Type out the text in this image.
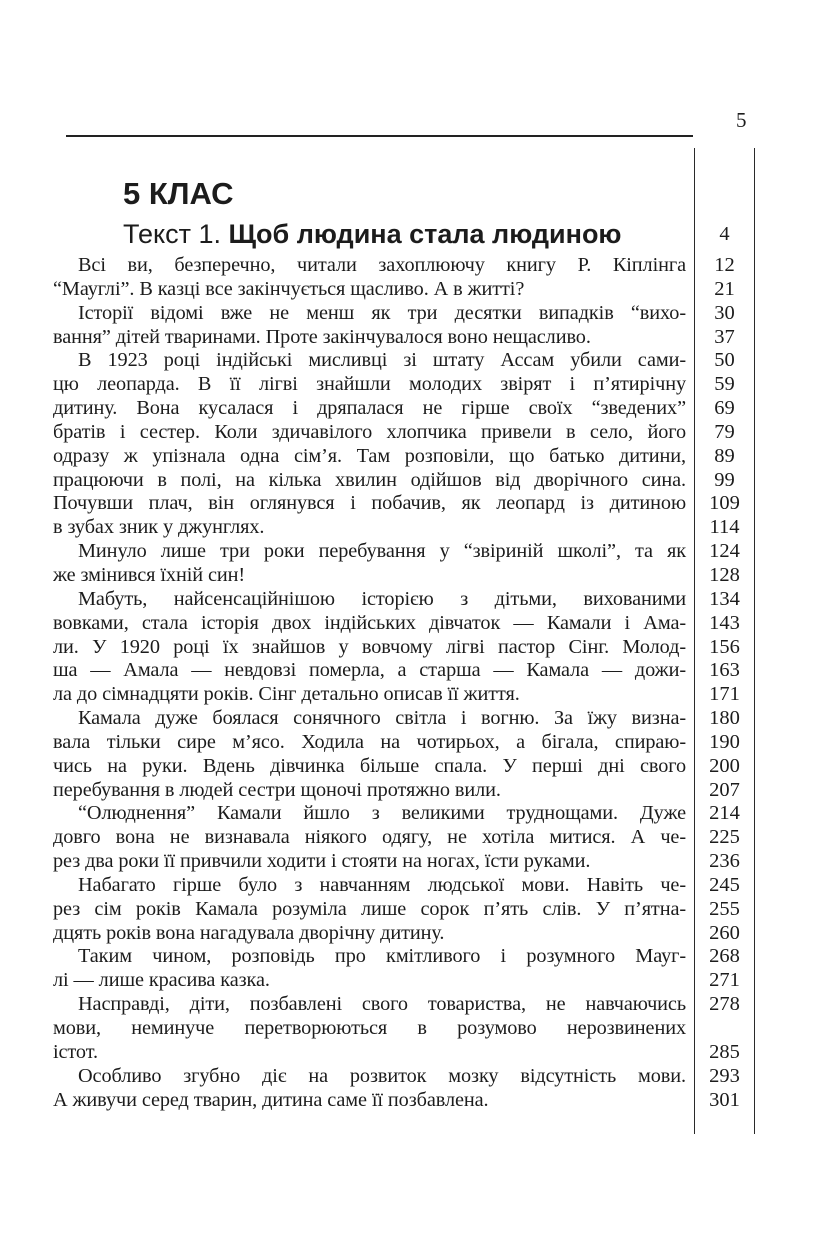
5
5 КЛАС
Текст 1. Щоб людина стала людиною	4
Всі ви, безперечно, читали захоплюючу книгу Р. Кіплінга	12
“Мауглі”. В казці все закінчується щасливо. А в житті?	21
Історії відомі вже не менш як три десятки випадків “вихо-	30
вання” дітей тваринами. Проте закінчувалося воно нещасливо.	37
В 1923 році індійські мисливці зі штату Ассам убили сами-	50
цю леопарда. В її лігві знайшли молодих звірят і п’ятирічну	59
дитину. Вона кусалася і дряпалася не гірше своїх “зведених”	69
братів і сестер. Коли здичавілого хлопчика привели в село, його	79
одразу ж упізнала одна сім’я. Там розповіли, що батько дитини,	89
працюючи в полі, на кілька хвилин одійшов від дворічного сина.	99
Почувши плач, він оглянувся і побачив, як леопард із дитиною	109
в зубах зник у джунглях.	114
Минуло лише три роки перебування у “звіриній школі”, та як	124
же змінився їхній син!	128
Мабуть, найсенсаційнішою історією з дітьми, вихованими	134
вовками, стала історія двох індійських дівчаток — Камали і Ама-	143
ли. У 1920 році їх знайшов у вовчому лігві пастор Сінг. Молод-	156
ша — Амала — невдовзі померла, а старша — Камала — дожи-	163
ла до сімнадцяти років. Сінг детально описав її життя.	171
Камала дуже боялася сонячного світла і вогню. За їжу визна-	180
вала тільки сире м’ясо. Ходила на чотирьох, а бігала, спираю-	190
чись на руки. Вдень дівчинка більше спала. У перші дні свого	200
перебування в людей сестри щоночі протяжно вили.	207
“Олюднення” Камали йшло з великими труднощами. Дуже	214
довго вона не визнавала ніякого одягу, не хотіла митися. А че-	225
рез два роки її привчили ходити і стояти на ногах, їсти руками.	236
Набагато гірше було з навчанням людської мови. Навіть че-	245
рез сім років Камала розуміла лише сорок п’ять слів. У п’ятна-	255
дцять років вона нагадувала дворічну дитину.	260
Таким чином, розповідь про кмітливого і розумного Мауг-	268
лі — лише красива казка.	271
Насправді, діти, позбавлені свого товариства, не навчаючись	278
мови, неминуче перетворюються в розумово нерозвинених
істот.	285
Особливо згубно діє на розвиток мозку відсутність мови.	293
А живучи серед тварин, дитина саме її позбавлена.	301
